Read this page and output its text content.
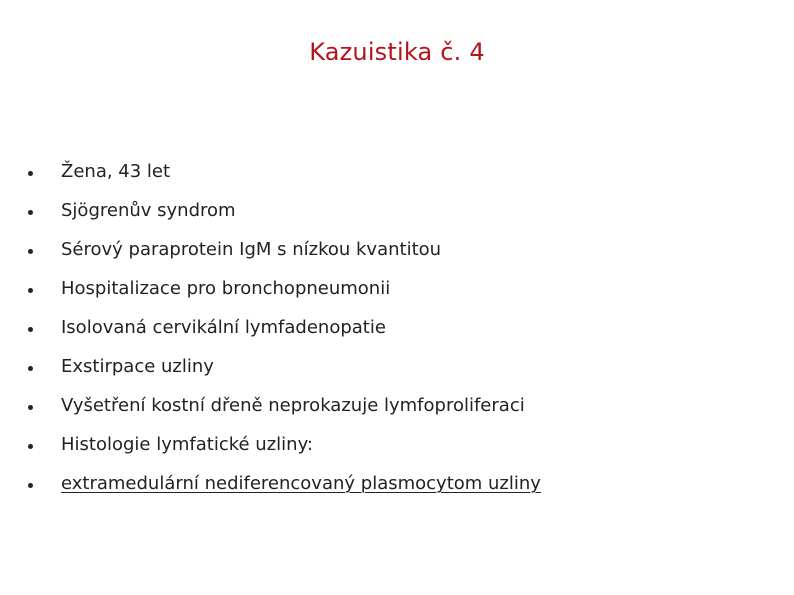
Kazuistika č. 4
Žena, 43 let
Sjögrenův syndrom
Sérový paraprotein IgM s nízkou kvantitou
Hospitalizace pro bronchopneumonii
Isolovaná cervikální lymfadenopatie
Exstirpace uzliny
Vyšetření kostní dřeně neprokazuje lymfoproliferaci
Histologie lymfatické uzliny:
extramedulární nediferencovaný plasmocytom uzliny
